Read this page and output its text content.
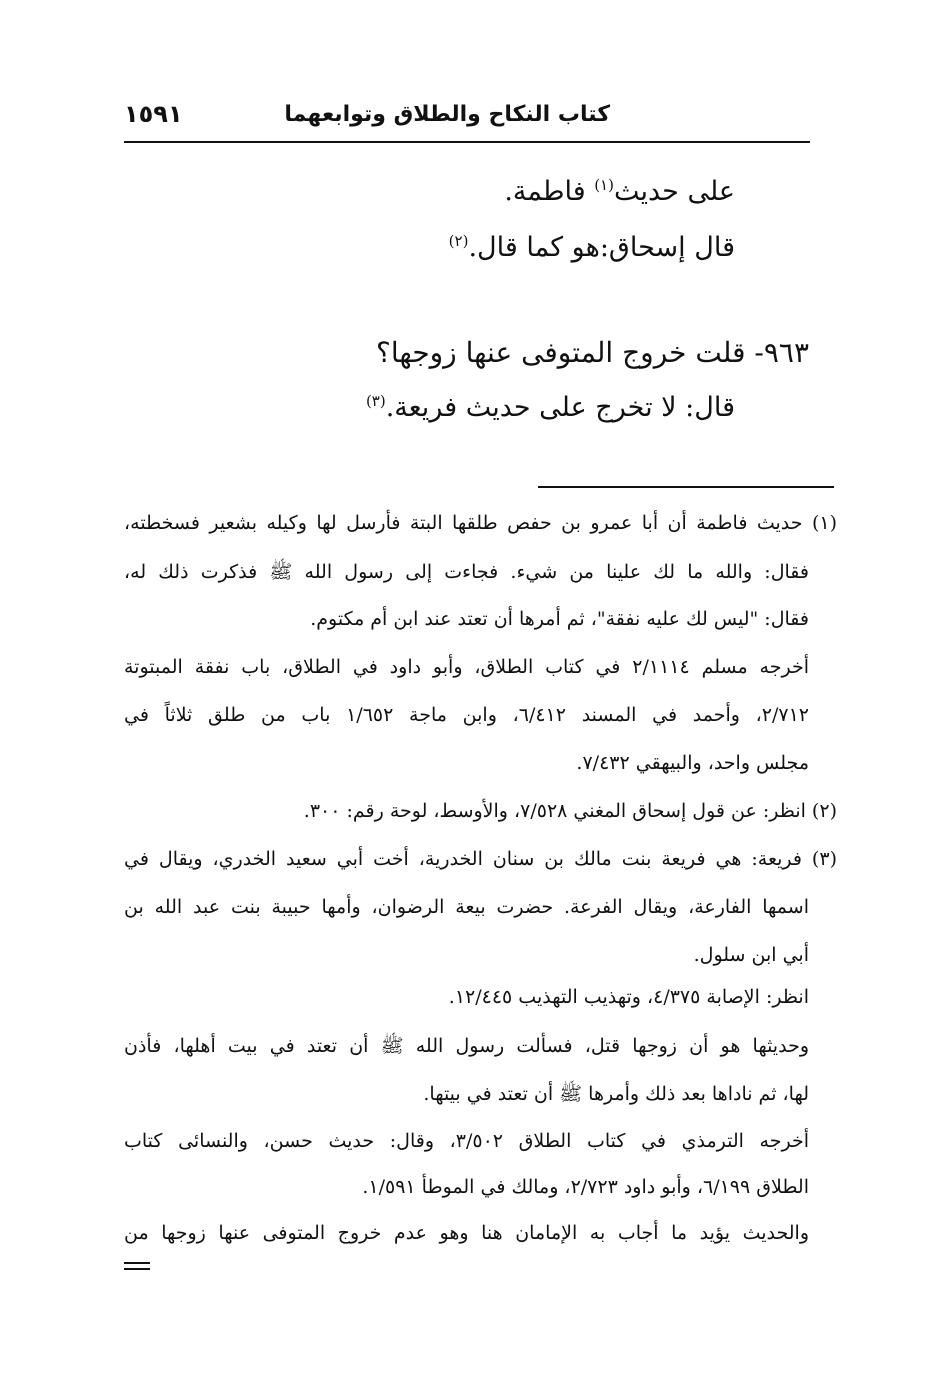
كتاب النكاح والطلاق وتوابعهما
١٥٩١
على حديث$^{(١)}$ فاطمة.
قال إسحاق:هو كما قال.$^{(٢)}$
٩٦٣- قلت خروج المتوفى عنها زوجها؟
قال: لا تخرج على حديث فريعة.$^{(٣)}$
(١) حديث فاطمة أن أبا عمرو بن حفص طلقها البتة فأرسل لها وكيله بشعير فسخطته،
فقال: والله ما لك علينا من شيء. فجاءت إلى رسول الله ﷺ فذكرت ذلك له،
فقال: "ليس لك عليه نفقة"، ثم أمرها أن تعتد عند ابن أم مكتوم.
أخرجه مسلم ٢/١١١٤ في كتاب الطلاق، وأبو داود في الطلاق، باب نفقة المبتوتة
٢/٧١٢، وأحمد في المسند ٦/٤١٢، وابن ماجة ١/٦٥٢ باب من طلق ثلاثاً في
مجلس واحد، والبيهقي ٧/٤٣٢.
(٢) انظر: عن قول إسحاق المغني ٧/٥٢٨، والأوسط، لوحة رقم: ٣٠٠.
(٣) فريعة: هي فريعة بنت مالك بن سنان الخدرية، أخت أبي سعيد الخدري، ويقال في
اسمها الفارعة، ويقال الفرعة. حضرت بيعة الرضوان، وأمها حبيبة بنت عبد الله بن
أبي ابن سلول.
انظر: الإصابة ٤/٣٧٥، وتهذيب التهذيب ١٢/٤٤٥.
وحديثها هو أن زوجها قتل، فسألت رسول الله ﷺ أن تعتد في بيت أهلها، فأذن
لها، ثم ناداها بعد ذلك وأمرها ﷺ أن تعتد في بيتها.
أخرجه الترمذي في كتاب الطلاق ٣/٥٠٢، وقال: حديث حسن، والنسائى كتاب
الطلاق ٦/١٩٩، وأبو داود ٢/٧٢٣، ومالك في الموطأ ١/٥٩١.
والحديث يؤيد ما أجاب به الإمامان هنا وهو عدم خروج المتوفى عنها زوجها من
